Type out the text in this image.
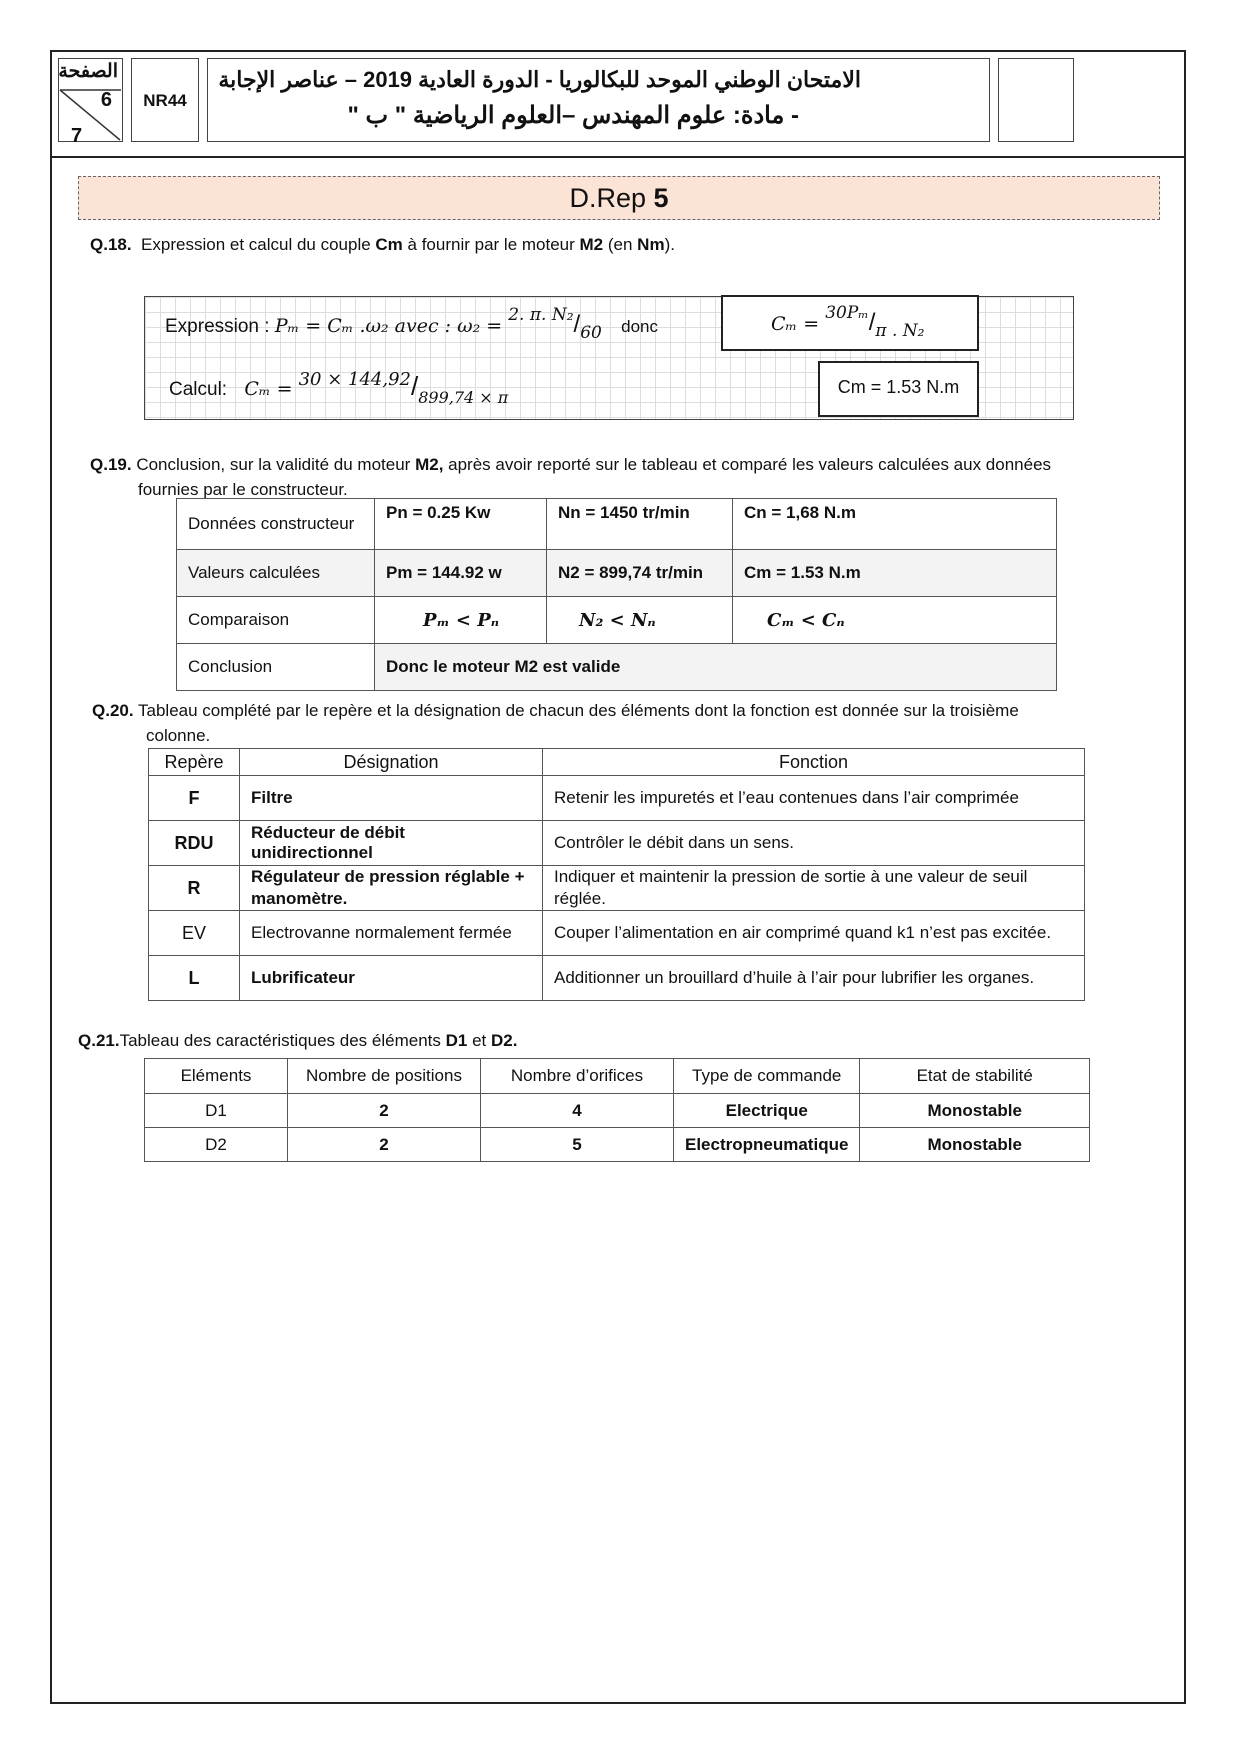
الصفحة
6
7
NR44
الامتحان الوطني الموحد للبكالوريا - الدورة العادية 2019 – عناصر الإجابة
- مادة: علوم المهندس –العلوم الرياضية " ب "
D.Rep 5
Q.18. Expression et calcul du couple Cm à fournir par le moteur M2 (en Nm).
Expression : Pₘ = Cₘ .ω₂ avec : ω₂ = 2. π. N₂/60 donc	Cₘ = 30Pₘ/π . N₂
Calcul: $C_m = 30 \times 144,92/_{899,74 \times \pi}$
Cm = 1.53 N.m
Q.19. Conclusion, sur la validité du moteur M2, après avoir reporté sur le tableau et comparé les valeurs calculées aux données
fournies par le constructeur.
Données constructeur	Pn = 0.25 Kw	Nn = 1450 tr/min	Cn = 1,68 N.m
Valeurs calculées	Pm = 144.92 w	N2 = 899,74 tr/min	Cm = 1.53 N.m
Comparaison	Pₘ < Pₙ	N₂ < Nₙ	Cₘ < Cₙ
Conclusion	Donc le moteur M2 est valide		
Q.20. Tableau complété par le repère et la désignation de chacun des éléments dont la fonction est donnée sur la troisième
colonne.
Repère	Désignation	Fonction
F	Filtre	Retenir les impuretés et l’eau contenues dans l’air comprimée
RDU	Réducteur de débit unidirectionnel	Contrôler le débit dans un sens.
R	Régulateur de pression réglable + manomètre.	Indiquer et maintenir la pression de sortie à une valeur de seuil réglée.
EV	Electrovanne normalement fermée	Couper l’alimentation en air comprimé quand k1 n’est pas excitée.
L	Lubrificateur	Additionner un brouillard d’huile à l’air pour lubrifier les organes.
Q.21.Tableau des caractéristiques des éléments D1 et D2.
Eléments	Nombre de positions	Nombre d’orifices	Type de commande	Etat de stabilité
D1	2	4	Electrique	Monostable
D2	2	5	Electropneumatique	Monostable
